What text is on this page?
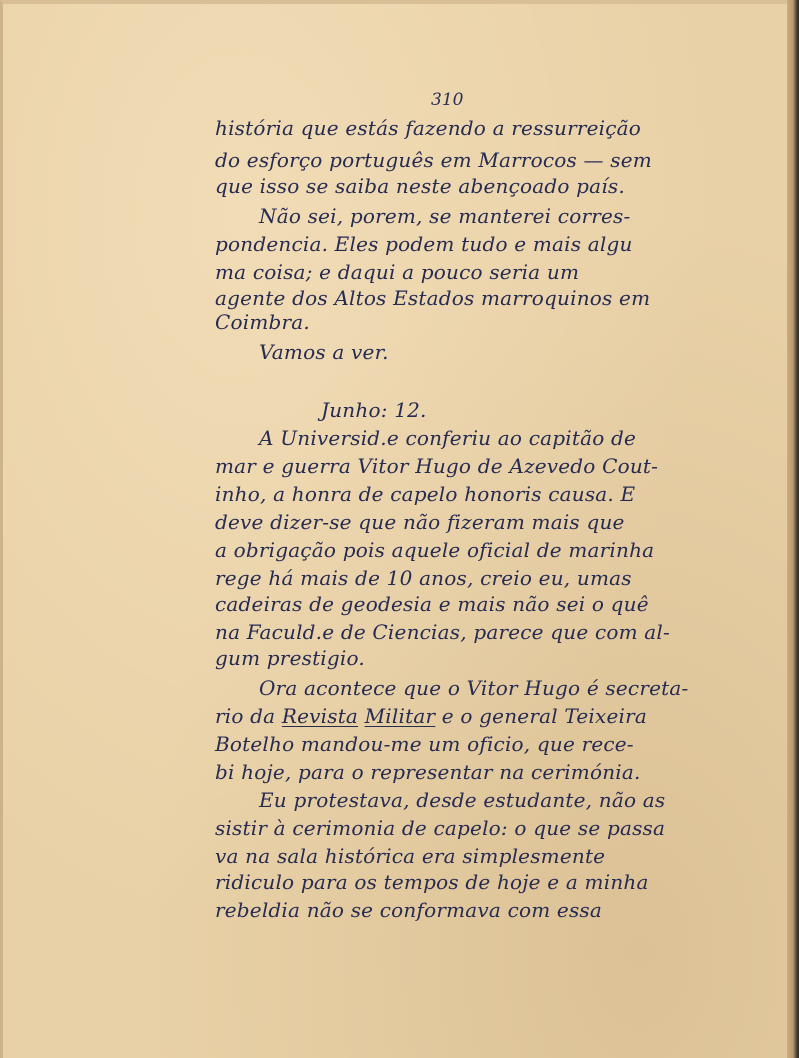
310
história que estás fazendo a ressurreição
do esforço português em Marrocos — sem
que isso se saiba neste abençoado país.
Não sei, porem, se manterei corres-
pondencia. Eles podem tudo e mais algu
ma coisa; e daqui a pouco seria um
agente dos Altos Estados marroquinos em
Coimbra.
Vamos a ver.
Junho: 12.
A Universid.e conferiu ao capitão de
mar e guerra Vitor Hugo de Azevedo Cout-
inho, a honra de capelo honoris causa. E
deve dizer-se que não fizeram mais que
a obrigação pois aquele oficial de marinha
rege há mais de 10 anos, creio eu, umas
cadeiras de geodesia e mais não sei o quê
na Faculd.e de Ciencias, parece que com al-
gum prestigio.
Ora acontece que o Vitor Hugo é secreta-
rio da Revista Militar e o general Teixeira
Botelho mandou-me um oficio, que rece-
bi hoje, para o representar na cerimónia.
Eu protestava, desde estudante, não as
sistir à cerimonia de capelo: o que se passa
va na sala histórica era simplesmente
ridiculo para os tempos de hoje e a minha
rebeldia não se conformava com essa
